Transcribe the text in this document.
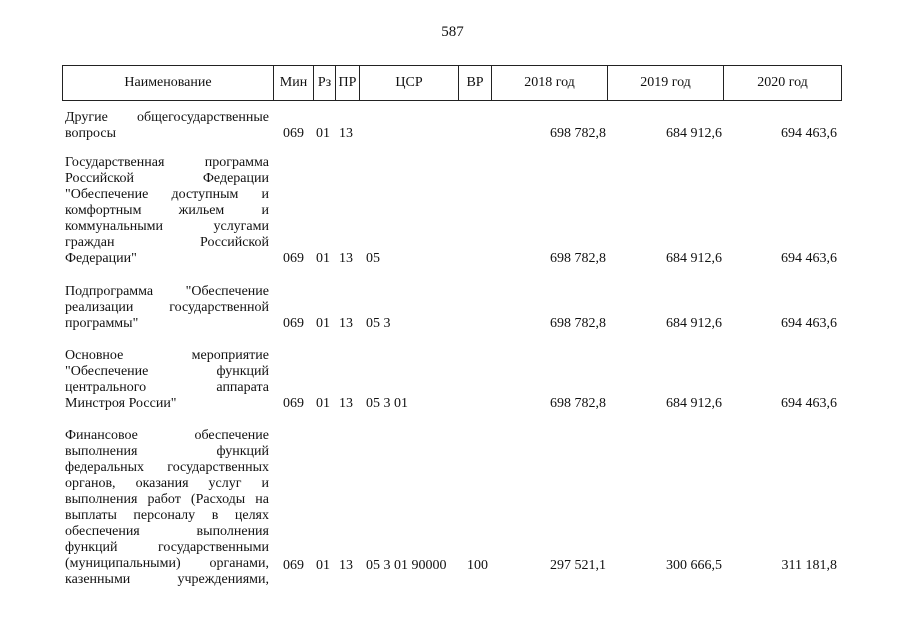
587
Наименование	Мин	Рз	ПР	ЦСР	ВР	2018 год	2019 год	2020 год
Другие общегосударственные

вопросы	069 01 13	698 782,8	684 912,6	694 463,6
Государственная программа
Российской Федерации
"Обеспечение доступным и
комфортным жильем и
коммунальными услугами
граждан Российской

Федерации"	069 01 13 05	698 782,8	684 912,6	694 463,6
Подпрограмма "Обеспечение
реализации государственной

программы"	069 01 13 05 3	698 782,8	684 912,6	694 463,6
Основное мероприятие
"Обеспечение функций
центрального аппарата

Минстроя России"	069 01 13 05 3 01	698 782,8	684 912,6	694 463,6
Финансовое обеспечение
выполнения функций
федеральных государственных
органов, оказания услуг и
выполнения работ (Расходы на
выплаты персоналу в целях
обеспечения выполнения
функций государственными
(муниципальными) органами,
казенными учреждениями,
069 01 13 05 3 01 90000 100	297 521,1	300 666,5	311 181,8
